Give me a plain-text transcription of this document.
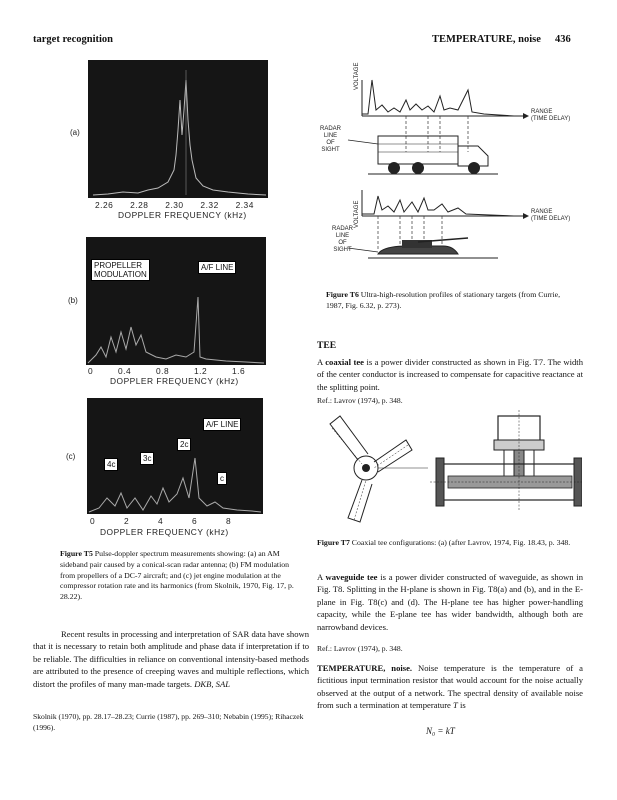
target recognition	TEMPERATURE, noise 436
(a)
2.26 2.28 2.30 2.32 2.34
DOPPLER FREQUENCY (kHz)
(b)
PROPELLER
MODULATION
A/F LINE
0	0.4	0.8	1.2	1.6
DOPPLER FREQUENCY (kHz)
(c)
A/F LINE
2c
3c
4c
c
0	2	4	6	8
DOPPLER FREQUENCY (kHz)
Figure T5 Pulse-doppler spectrum measurements showing: (a) an AM sideband pair caused by a conical-scan radar antenna; (b) FM modulation from propellers of a DC-7 aircraft; and (c) jet engine modulation at the compressor rotation rate and its harmonics (from Skolnik, 1970, Fig. 17, p. 28.22).
Recent results in processing and interpretation of SAR data have shown that it is necessary to retain both amplitude and phase data if interpretation if to be reliable. The difficulties in reliance on conventional intensity-based methods are attributed to the presence of creeping waves and multiple reflections, which distort the profiles of many man-made targets. DKB, SAL
Skolnik (1970), pp. 28.17–28.23; Currie (1987), pp. 269–310; Nebabin (1995); Rihaczek (1996).
VOLTAGE
VOLTAGE
RANGE
(TIME DELAY)
RANGE
(TIME DELAY)
RADAR
LINE
OF
SIGHT
RADAR
LINE
OF
SIGHT
Figure T6 Ultra-high-resolution profiles of stationary targets (from Currie, 1987, Fig. 6.32, p. 273).
TEE
A coaxial tee is a power divider constructed as shown in Fig. T7. The width of the center conductor is increased to compensate for capacitive reactance at the splitting point.
Ref.: Lavrov (1974), p. 348.
Figure T7 Coaxial tee configurations: (a) (after Lavrov, 1974, Fig. 18.43, p. 348.
A waveguide tee is a power divider constructed of waveguide, as shown in Fig. T8. Splitting in the H-plane is shown in Fig. T8(a) and (b), and in the E-plane in Fig. T8(c) and (d). The H-plane tee has higher power-handling capacity, while the E-plane tee has wider bandwidth, although both are narrowband devices.
Ref.: Lavrov (1974), p. 348.
TEMPERATURE, noise. Noise temperature is the temperature of a fictitious input termination resistor that would account for the noise actually observed at the output of a network. The spectral density of available noise from such a termination at temperature T is
N₀ = kT
